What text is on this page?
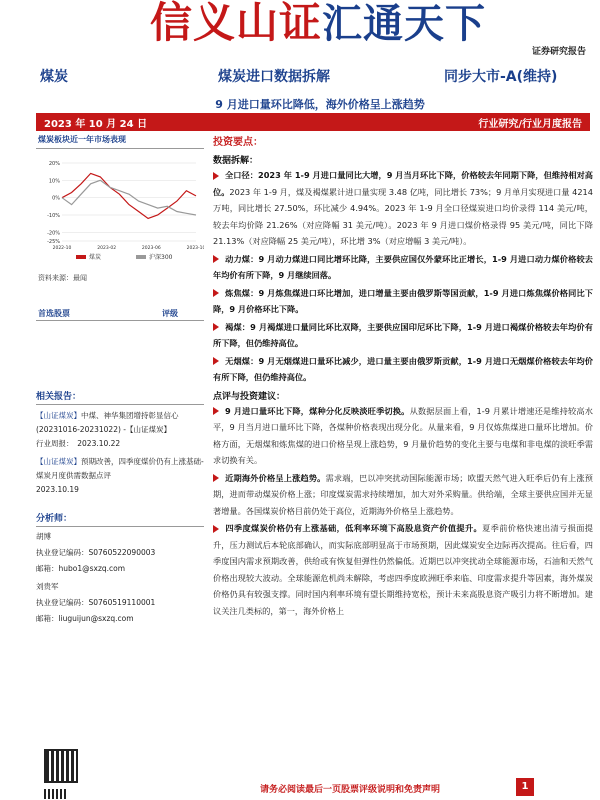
信义山证汇通天下
证券研究报告
煤炭	煤炭进口数据拆解	同步大市-A(维持)
9 月进口量环比降低，海外价格呈上涨趋势
2023 年 10 月 24 日	行业研究/行业月度报告
煤炭板块近一年市场表现
20%
10%
0%
-10%
-20%
-25%
2022-10	2023-02	2023-06	2023-10
煤炭	沪深300
资料来源：最闻
首选股票	评级
相关报告：
【山证煤炭】中煤、神华集团增持彰显信心 (20231016-20231022) -【山证煤炭】
行业周报：　2023.10.22
【山证煤炭】预期改善，四季度煤价仍有上涨基础-煤炭月度供需数据点评
2023.10.19
分析师：
胡博
执业登记编码：S0760522090003
邮箱：hubo1@sxzq.com
刘贵军
执业登记编码：S0760519110001
邮箱：liuguijun@sxzq.com
投资要点：
数据拆解：

全口径：2023 年 1-9 月进口量同比大增，9 月当月环比下降，价格较去年同期下降，但维持相对高位。2023 年 1-9 月，煤及褐煤累计进口量实现 3.48 亿吨，同比增长 73%；9 月单月实现进口量 4214 万吨，同比增长 27.50%，环比减少 4.94%。2023 年 1-9 月全口径煤炭进口均价录得 114 美元/吨，较去年均价降 21.26%（对应降幅 31 美元/吨）。2023 年 9 月进口煤价格录得 95 美元/吨，同比下降 21.13%（对应降幅 25 美元/吨），环比增 3%（对应增幅 3 美元/吨）。

动力煤：9 月动力煤进口同比增环比降，主要供应国仅外蒙环比正增长，1-9 月进口动力煤价格较去年均价有所下降，9 月继续回落。

炼焦煤：9 月炼焦煤进口环比增加，进口增量主要由俄罗斯等国贡献，1-9 月进口炼焦煤价格同比下降，9 月价格环比下降。

褐煤：9 月褐煤进口量同比环比双降，主要供应国印尼环比下降，1-9 月进口褐煤价格较去年均价有所下降，但仍维持高位。

无烟煤：9 月无烟煤进口量环比减少，进口量主要由俄罗斯贡献，1-9 月进口无烟煤价格较去年均价有所下降，但仍维持高位。

点评与投资建议：

9 月进口量环比下降，煤种分化反映淡旺季切换。从数据层面上看，1-9 月累计增速还是维持较高水平，9 月当月进口量环比下降，各煤种价格表现出现分化。从量来看，9 月仅炼焦煤进口量环比增加。价格方面，无烟煤和炼焦煤的进口价格呈现上涨趋势，9 月量价趋势的变化主要与电煤和非电煤的淡旺季需求切换有关。

近期海外价格呈上涨趋势。需求端，巴以冲突扰动国际能源市场；欧盟天然气进入旺季后仍有上涨预期，进而带动煤炭价格上涨；印度煤炭需求持续增加，加大对外采购量。供给端，全球主要供应国并无显著增量。各国煤炭价格目前仍处于高位，近期海外价格呈上涨趋势。

四季度煤炭价格仍有上涨基础，低利率环境下高股息资产价值提升。夏季前价格快速出清亏损面提升，压力测试后本轮底部确认，而实际底部明显高于市场预期，因此煤炭安全边际再次提高。往后看，四季度国内需求预期改善，供给或有恢复但弹性仍然偏低。近期巴以冲突扰动全球能源市场，石油和天然气价格出现较大波动。全球能源危机尚未解除，考虑四季度欧洲旺季来临、印度需求提升等因素，海外煤炭价格仍具有较强支撑。同时国内利率环境有望长期维持宽松，预计未来高股息资产吸引力将不断增加。建议关注几类标的，第一，海外价格上

请务必阅读最后一页股票评级说明和免责声明	1
